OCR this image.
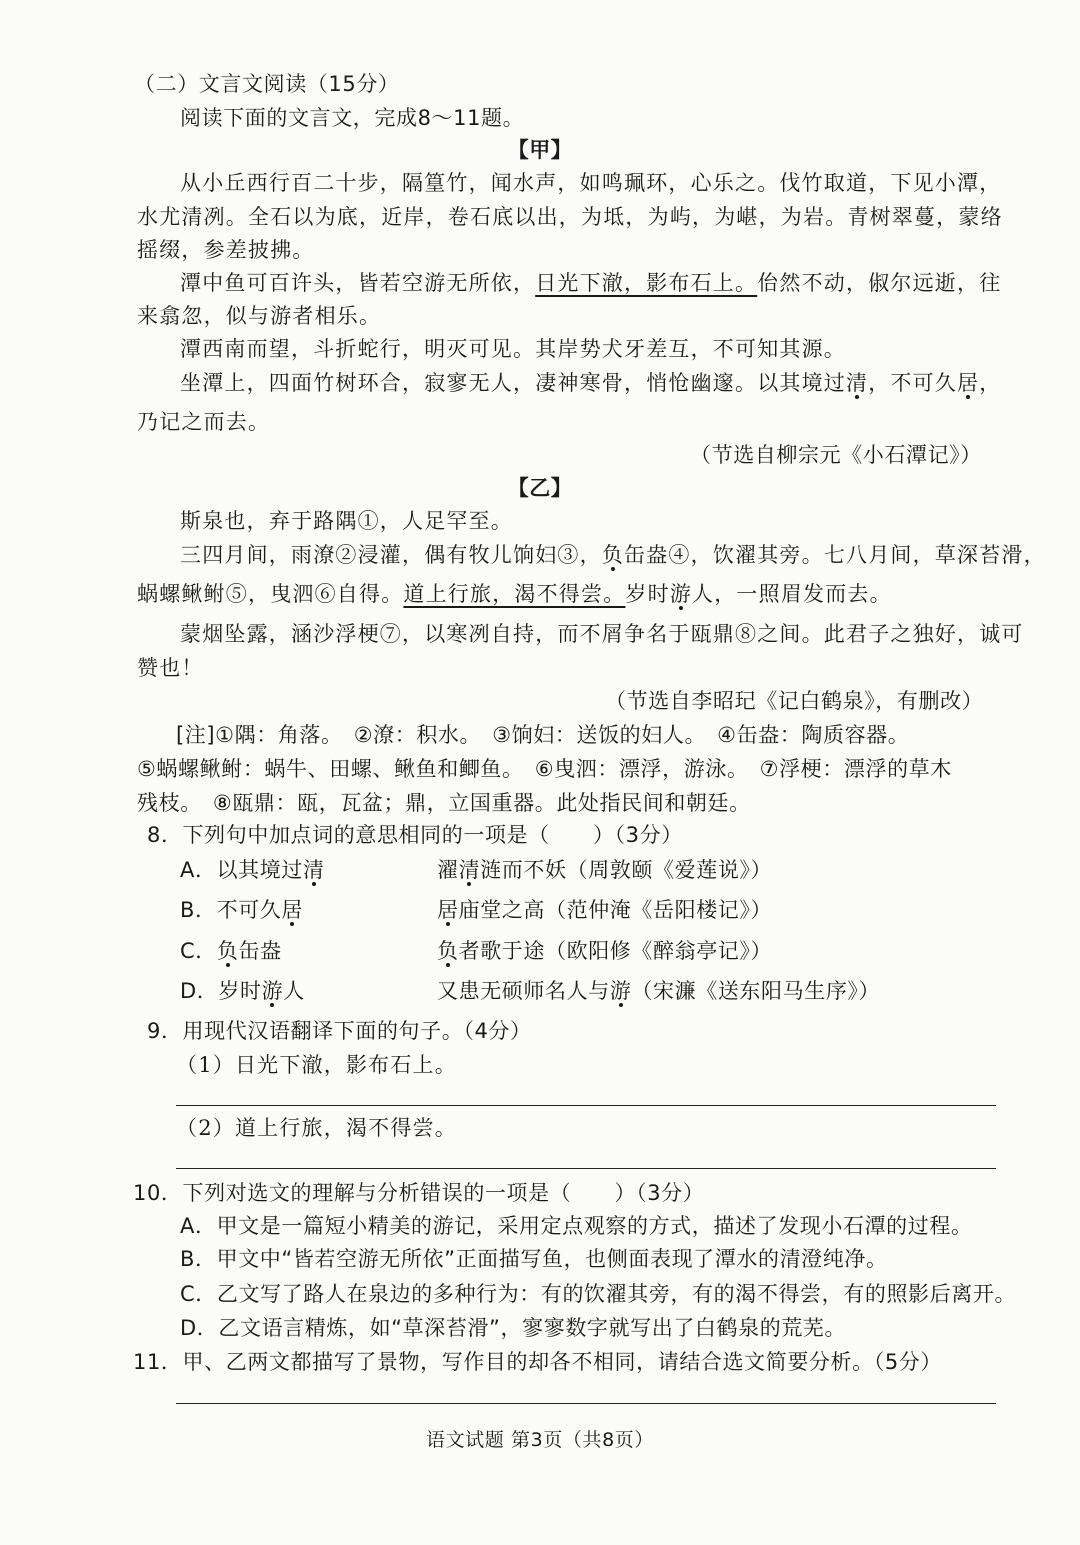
（二）文言文阅读（15分）
阅读下面的文言文，完成8～11题。
【甲】
从小丘西行百二十步，隔篁竹，闻水声，如鸣珮环，心乐之。伐竹取道，下见小潭，
水尤清冽。全石以为底，近岸，卷石底以出，为坻，为屿，为嵁，为岩。青树翠蔓，蒙络
摇缀，参差披拂。
潭中鱼可百许头，皆若空游无所依，日光下澈，影布石上。佁然不动，俶尔远逝，往
来翕忽，似与游者相乐。
潭西南而望，斗折蛇行，明灭可见。其岸势犬牙差互，不可知其源。
坐潭上，四面竹树环合，寂寥无人，凄神寒骨，悄怆幽邃。以其境过清，不可久居，
乃记之而去。
（节选自柳宗元《小石潭记》）
【乙】
斯泉也，弃于路隅①，人足罕至。
三四月间，雨潦②浸灌，偶有牧儿饷妇③，负缶盎④，饮濯其旁。七八月间，草深苔滑，
蜗螺鳅鲋⑤，曳泗⑥自得。道上行旅，渴不得尝。岁时游人，一照眉发而去。
蒙烟坠露，涵沙浮梗⑦，以寒冽自持，而不屑争名于瓯鼎⑧之间。此君子之独好，诚可
赞也！
（节选自李昭玘《记白鹤泉》，有删改）
[注]①隅：角落。　②潦：积水。　③饷妇：送饭的妇人。　④缶盎：陶质容器。
⑤蜗螺鳅鲋：蜗牛、田螺、鳅鱼和鲫鱼。　⑥曳泗：漂浮，游泳。　⑦浮梗：漂浮的草木
残枝。　⑧瓯鼎：瓯，瓦盆；鼎，立国重器。此处指民间和朝廷。
8．下列句中加点词的意思相同的一项是（　　）（3分）
A．以其境过清	濯清涟而不妖（周敦颐《爱莲说》）
B．不可久居	居庙堂之高（范仲淹《岳阳楼记》）
C．负缶盎	负者歌于途（欧阳修《醉翁亭记》）
D．岁时游人	又患无硕师名人与游（宋濂《送东阳马生序》）
9．用现代汉语翻译下面的句子。（4分）
（1）日光下澈，影布石上。
（2）道上行旅，渴不得尝。
10．下列对选文的理解与分析错误的一项是（　　）（3分）
A．甲文是一篇短小精美的游记，采用定点观察的方式，描述了发现小石潭的过程。
B．甲文中“皆若空游无所依”正面描写鱼，也侧面表现了潭水的清澄纯净。
C．乙文写了路人在泉边的多种行为：有的饮濯其旁，有的渴不得尝，有的照影后离开。
D．乙文语言精炼，如“草深苔滑”，寥寥数字就写出了白鹤泉的荒芜。
11．甲、乙两文都描写了景物，写作目的却各不相同，请结合选文简要分析。（5分）
语文试题 第3页（共8页）
